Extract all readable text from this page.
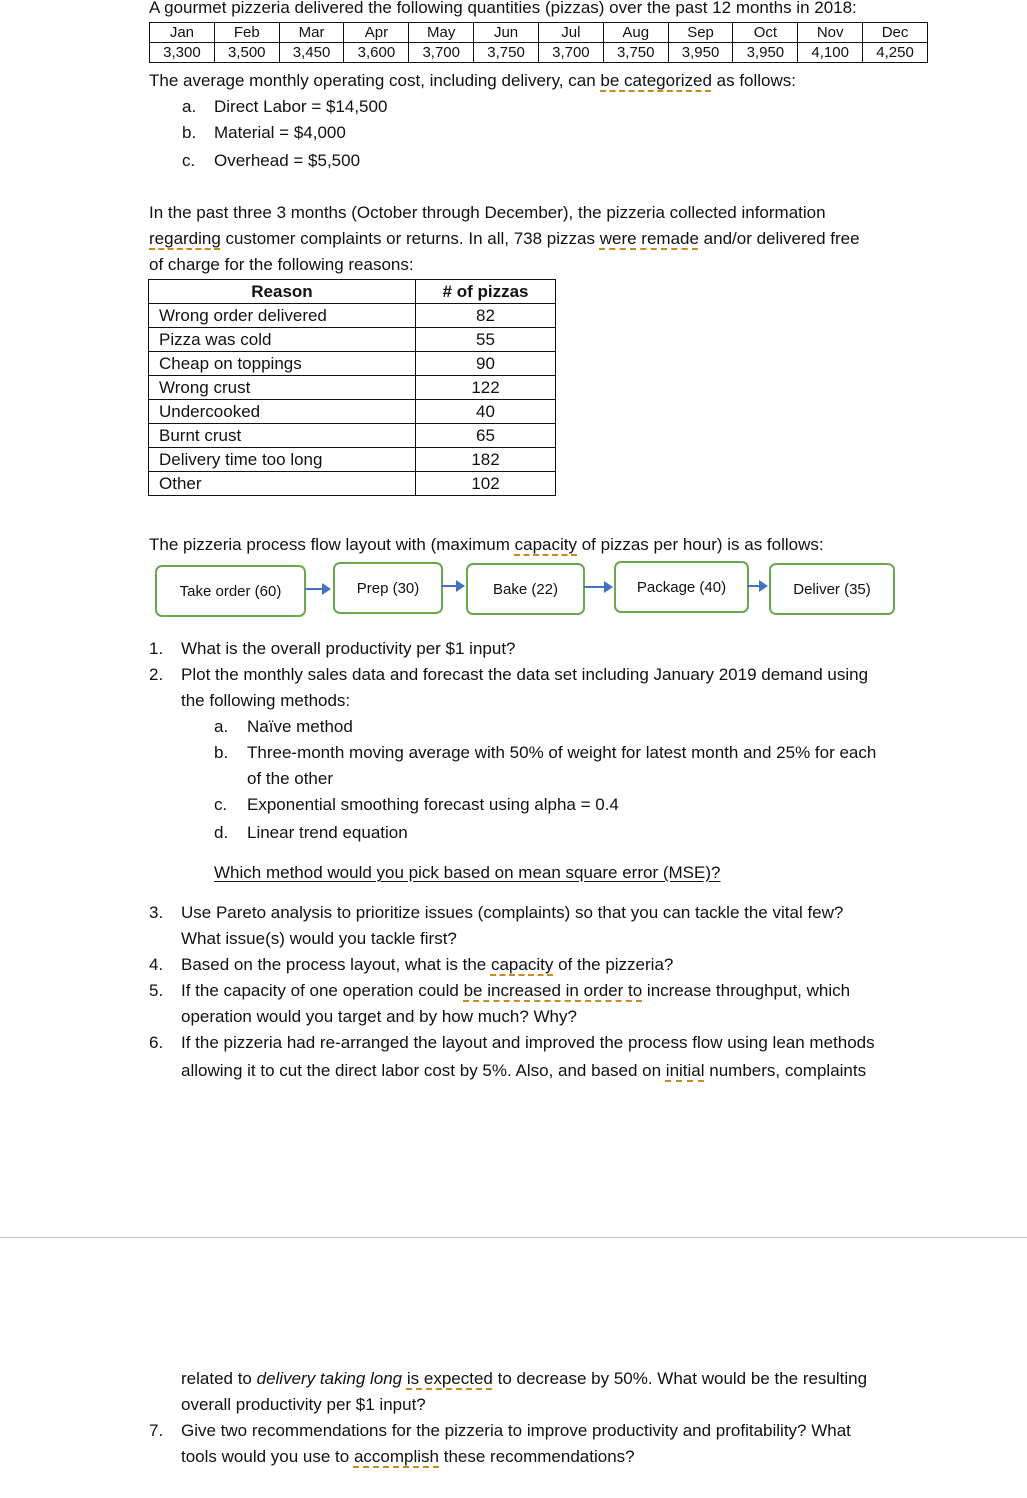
A gourmet pizzeria delivered the following quantities (pizzas) over the past 12 months in 2018:
Jan	Feb	Mar	Apr	May	Jun	Jul	Aug	Sep	Oct	Nov	Dec
3,300	3,500	3,450	3,600	3,700	3,750	3,700	3,750	3,950	3,950	4,100	4,250
The average monthly operating cost, including delivery, can be categorized as follows:
a. Direct Labor = $14,500
b. Material = $4,000
c. Overhead = $5,500
In the past three 3 months (October through December), the pizzeria collected information
regarding customer complaints or returns. In all, 738 pizzas were remade and/or delivered free
of charge for the following reasons:
Reason	# of pizzas
Wrong order delivered	82
Pizza was cold	55
Cheap on toppings	90
Wrong crust	122
Undercooked	40
Burnt crust	65
Delivery time too long	182
Other	102
The pizzeria process flow layout with (maximum capacity of pizzas per hour) is as follows:
Take order (60)	Prep (30)	Bake (22)	Package (40)	Deliver (35)
1. What is the overall productivity per $1 input?
2. Plot the monthly sales data and forecast the data set including January 2019 demand using
the following methods:
a. Naïve method
b. Three-month moving average with 50% of weight for latest month and 25% for each
of the other
c. Exponential smoothing forecast using alpha = 0.4
d. Linear trend equation
Which method would you pick based on mean square error (MSE)?
3. Use Pareto analysis to prioritize issues (complaints) so that you can tackle the vital few?
What issue(s) would you tackle first?
4. Based on the process layout, what is the capacity of the pizzeria?
5. If the capacity of one operation could be increased in order to increase throughput, which
operation would you target and by how much? Why?
6. If the pizzeria had re-arranged the layout and improved the process flow using lean methods
allowing it to cut the direct labor cost by 5%. Also, and based on initial numbers, complaints
related to delivery taking long is expected to decrease by 50%. What would be the resulting
overall productivity per $1 input?
7. Give two recommendations for the pizzeria to improve productivity and profitability? What
tools would you use to accomplish these recommendations?
